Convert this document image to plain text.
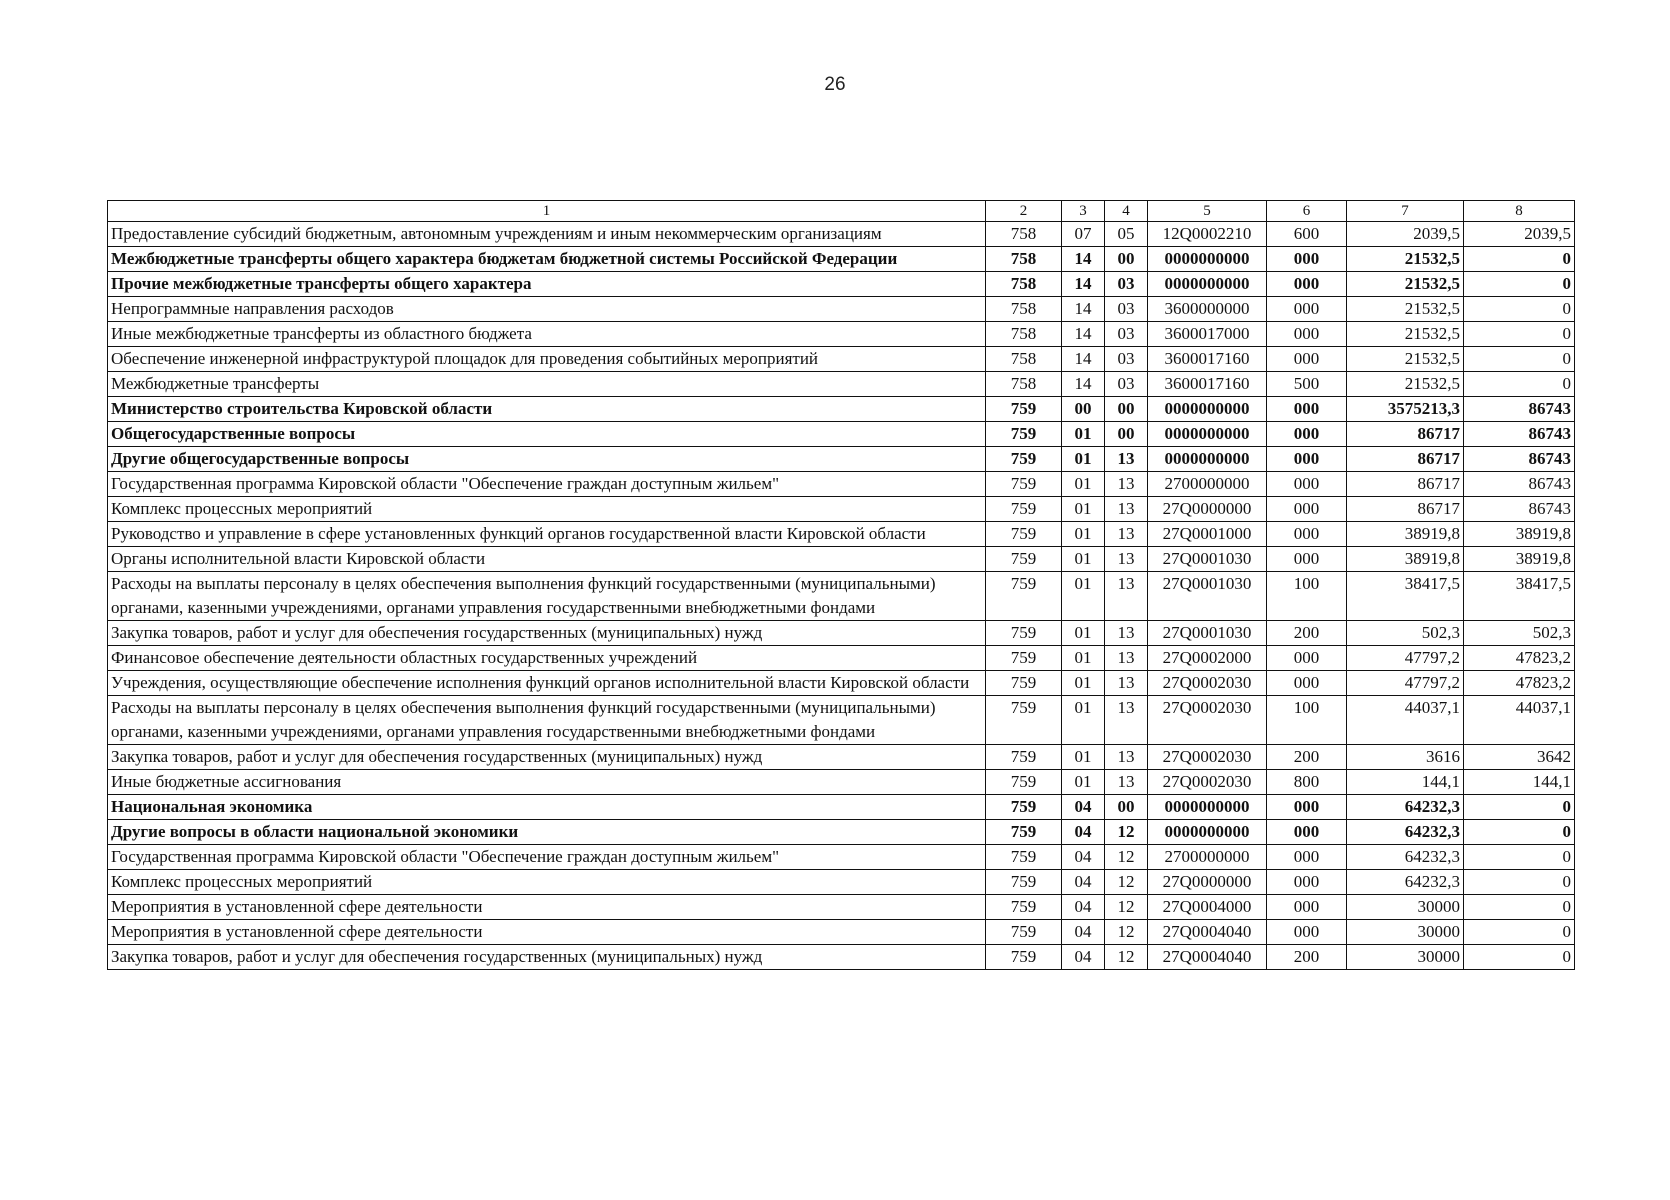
26
1	2	3	4	5	6	7	8
Предоставление субсидий бюджетным, автономным учреждениям и иным некоммерческим организациям	758	07	05	12Q0002210	600	2039,5	2039,5
Межбюджетные трансферты общего характера бюджетам бюджетной системы Российской Федерации	758	14	00	0000000000	000	21532,5	0
Прочие межбюджетные трансферты общего характера	758	14	03	0000000000	000	21532,5	0
Непрограммные направления расходов	758	14	03	3600000000	000	21532,5	0
Иные межбюджетные трансферты из областного бюджета	758	14	03	3600017000	000	21532,5	0
Обеспечение инженерной инфраструктурой площадок для проведения событийных мероприятий	758	14	03	3600017160	000	21532,5	0
Межбюджетные трансферты	758	14	03	3600017160	500	21532,5	0
Министерство строительства Кировской области	759	00	00	0000000000	000	3575213,3	86743
Общегосударственные вопросы	759	01	00	0000000000	000	86717	86743
Другие общегосударственные вопросы	759	01	13	0000000000	000	86717	86743
Государственная программа Кировской области "Обеспечение граждан доступным жильем"	759	01	13	2700000000	000	86717	86743
Комплекс процессных мероприятий	759	01	13	27Q0000000	000	86717	86743
Руководство и управление в сфере установленных функций органов государственной власти Кировской области	759	01	13	27Q0001000	000	38919,8	38919,8
Органы исполнительной власти Кировской области	759	01	13	27Q0001030	000	38919,8	38919,8
Расходы на выплаты персоналу в целях обеспечения выполнения функций государственными (муниципальными) органами, казенными учреждениями, органами управления государственными внебюджетными фондами	759	01	13	27Q0001030	100	38417,5	38417,5
Закупка товаров, работ и услуг для обеспечения государственных (муниципальных) нужд	759	01	13	27Q0001030	200	502,3	502,3
Финансовое обеспечение деятельности областных государственных учреждений	759	01	13	27Q0002000	000	47797,2	47823,2
Учреждения, осуществляющие обеспечение исполнения функций органов исполнительной власти Кировской области	759	01	13	27Q0002030	000	47797,2	47823,2
Расходы на выплаты персоналу в целях обеспечения выполнения функций государственными (муниципальными) органами, казенными учреждениями, органами управления государственными внебюджетными фондами	759	01	13	27Q0002030	100	44037,1	44037,1
Закупка товаров, работ и услуг для обеспечения государственных (муниципальных) нужд	759	01	13	27Q0002030	200	3616	3642
Иные бюджетные ассигнования	759	01	13	27Q0002030	800	144,1	144,1
Национальная экономика	759	04	00	0000000000	000	64232,3	0
Другие вопросы в области национальной экономики	759	04	12	0000000000	000	64232,3	0
Государственная программа Кировской области "Обеспечение граждан доступным жильем"	759	04	12	2700000000	000	64232,3	0
Комплекс процессных мероприятий	759	04	12	27Q0000000	000	64232,3	0
Мероприятия в установленной сфере деятельности	759	04	12	27Q0004000	000	30000	0
Мероприятия в установленной сфере деятельности	759	04	12	27Q0004040	000	30000	0
Закупка товаров, работ и услуг для обеспечения государственных (муниципальных) нужд	759	04	12	27Q0004040	200	30000	0
